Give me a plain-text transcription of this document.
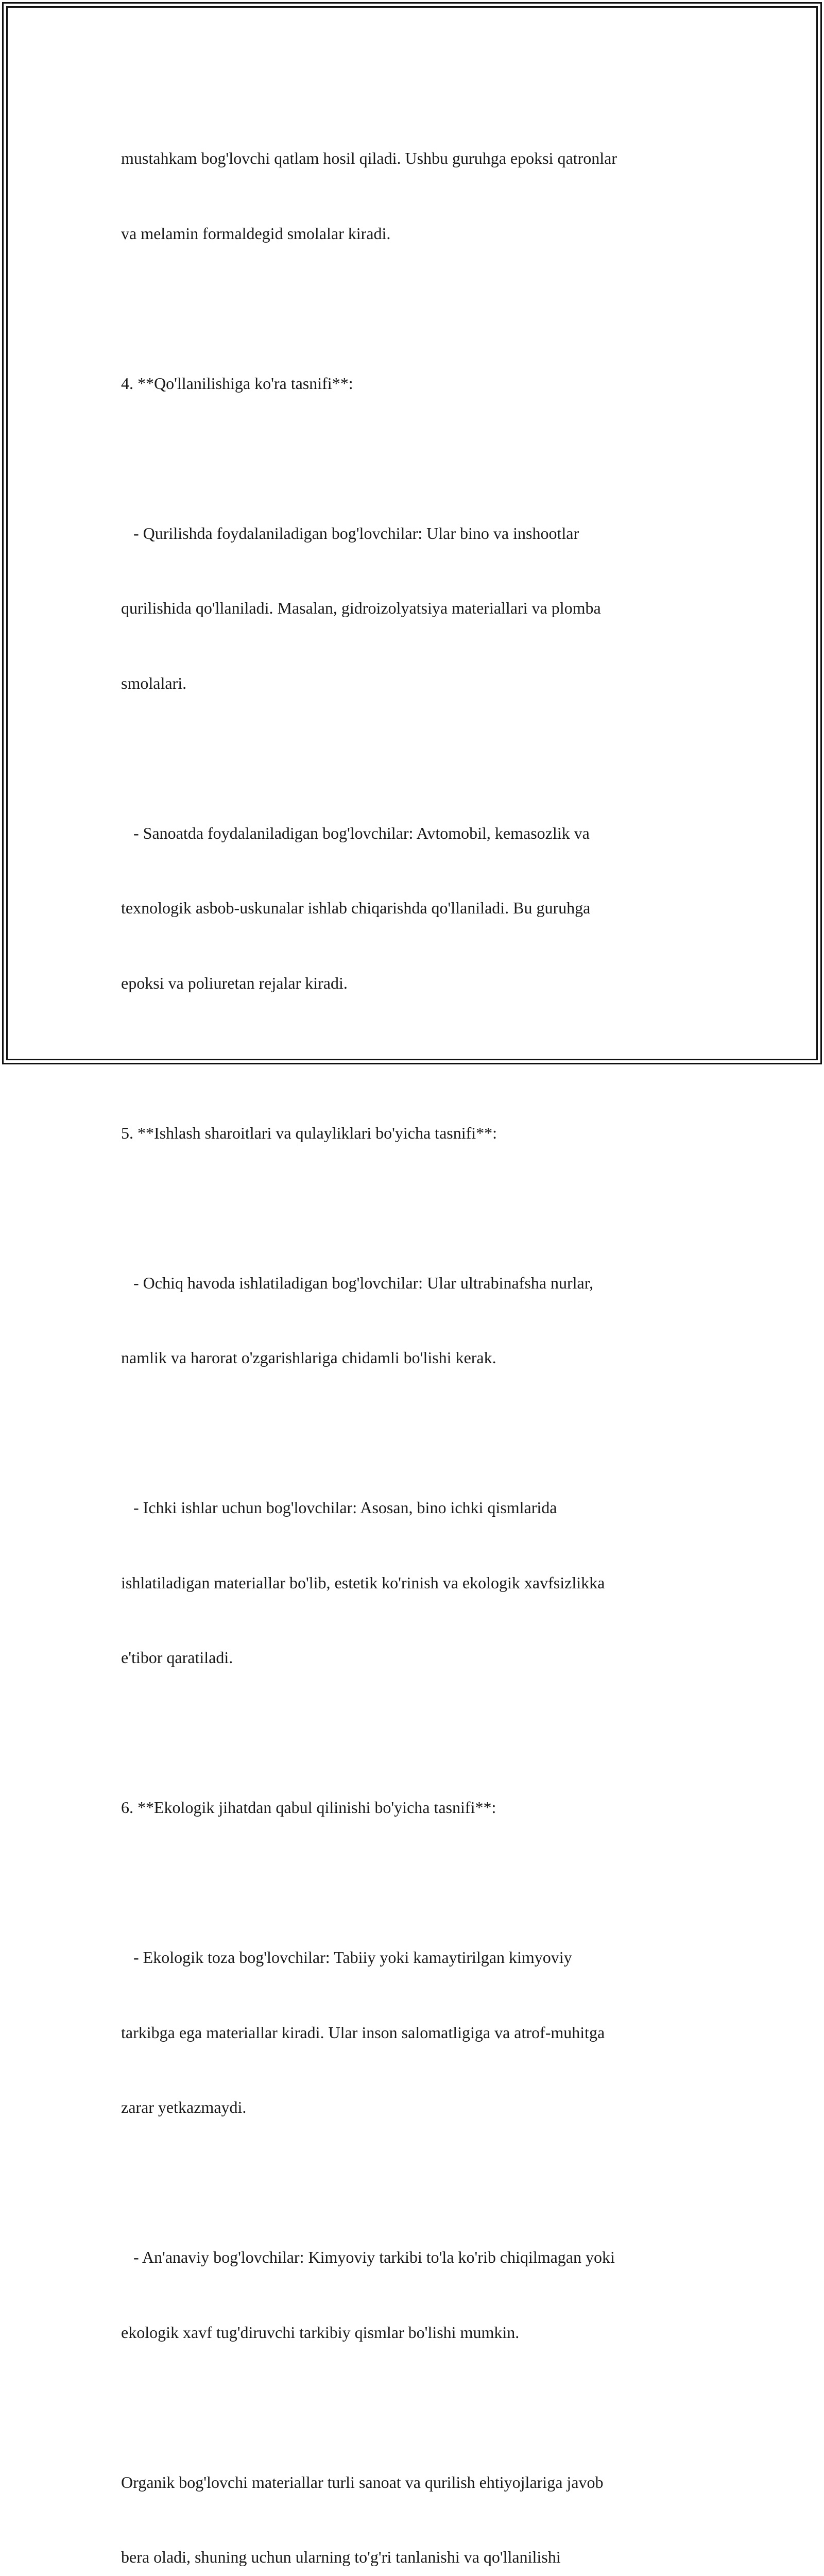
mustahkam bog'lovchi qatlam hosil qiladi. Ushbu guruhga epoksi qatronlar

va melamin formaldegid smolalar kiradi.

4. **Qo'llanilishiga ko'ra tasnifi**:

- Qurilishda foydalaniladigan bog'lovchilar: Ular bino va inshootlar

qurilishida qo'llaniladi. Masalan, gidroizolyatsiya materiallari va plomba

smolalari.

- Sanoatda foydalaniladigan bog'lovchilar: Avtomobil, kemasozlik va

texnologik asbob-uskunalar ishlab chiqarishda qo'llaniladi. Bu guruhga

epoksi va poliuretan rejalar kiradi.

5. **Ishlash sharoitlari va qulayliklari bo'yicha tasnifi**:

- Ochiq havoda ishlatiladigan bog'lovchilar: Ular ultrabinafsha nurlar,

namlik va harorat o'zgarishlariga chidamli bo'lishi kerak.

- Ichki ishlar uchun bog'lovchilar: Asosan, bino ichki qismlarida

ishlatiladigan materiallar bo'lib, estetik ko'rinish va ekologik xavfsizlikka

e'tibor qaratiladi.

6. **Ekologik jihatdan qabul qilinishi bo'yicha tasnifi**:

- Ekologik toza bog'lovchilar: Tabiiy yoki kamaytirilgan kimyoviy

tarkibga ega materiallar kiradi. Ular inson salomatligiga va atrof-muhitga

zarar yetkazmaydi.

- An'anaviy bog'lovchilar: Kimyoviy tarkibi to'la ko'rib chiqilmagan yoki

ekologik xavf tug'diruvchi tarkibiy qismlar bo'lishi mumkin.

Organik bog'lovchi materiallar turli sanoat va qurilish ehtiyojlariga javob

bera oladi, shuning uchun ularning to'g'ri tanlanishi va qo'llanilishi
